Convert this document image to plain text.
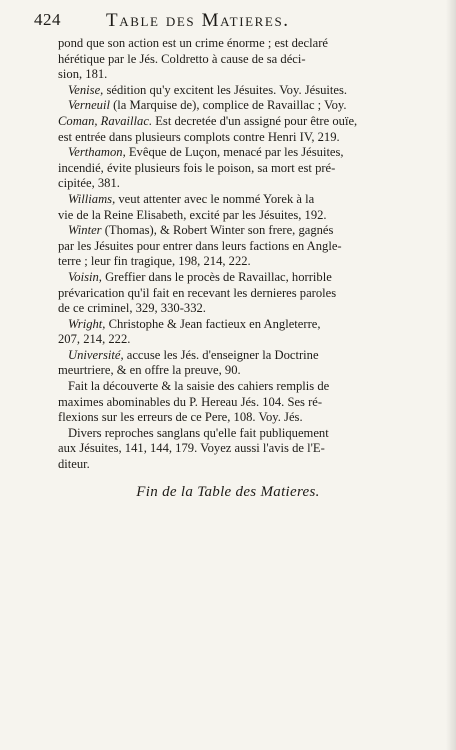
424 Table des Matieres.
pond que son action est un crime énorme ; est declaré
hérétique par le Jés. Coldretto à cause de sa déci-
sion, 181.
Venise, sédition qu'y excitent les Jésuites. Voy. Jésuites.
Verneuil (la Marquise de), complice de Ravaillac ; Voy.
Coman, Ravaillac. Est decretée d'un assigné pour être ouïe,
est entrée dans plusieurs complots contre Henri IV, 219.
Verthamon, Evêque de Luçon, menacé par les Jésuites,
incendié, évite plusieurs fois le poison, sa mort est pré-
cipitée, 381.
Williams, veut attenter avec le nommé Yorek à la
vie de la Reine Elisabeth, excité par les Jésuites, 192.
Winter (Thomas), & Robert Winter son frere, gagnés
par les Jésuites pour entrer dans leurs factions en Angle-
terre ; leur fin tragique, 198, 214, 222.
Voisin, Greffier dans le procès de Ravaillac, horrible
prévarication qu'il fait en recevant les dernieres paroles
de ce criminel, 329, 330-332.
Wright, Christophe & Jean factieux en Angleterre,
207, 214, 222.
Université, accuse les Jés. d'enseigner la Doctrine
meurtriere, & en offre la preuve, 90.
Fait la découverte & la saisie des cahiers remplis de
maximes abominables du P. Hereau Jés. 104. Ses ré-
flexions sur les erreurs de ce Pere, 108. Voy. Jés.
Divers reproches sanglans qu'elle fait publiquement
aux Jésuites, 141, 144, 179. Voyez aussi l'avis de l'E-
diteur.
Fin de la Table des Matieres.
